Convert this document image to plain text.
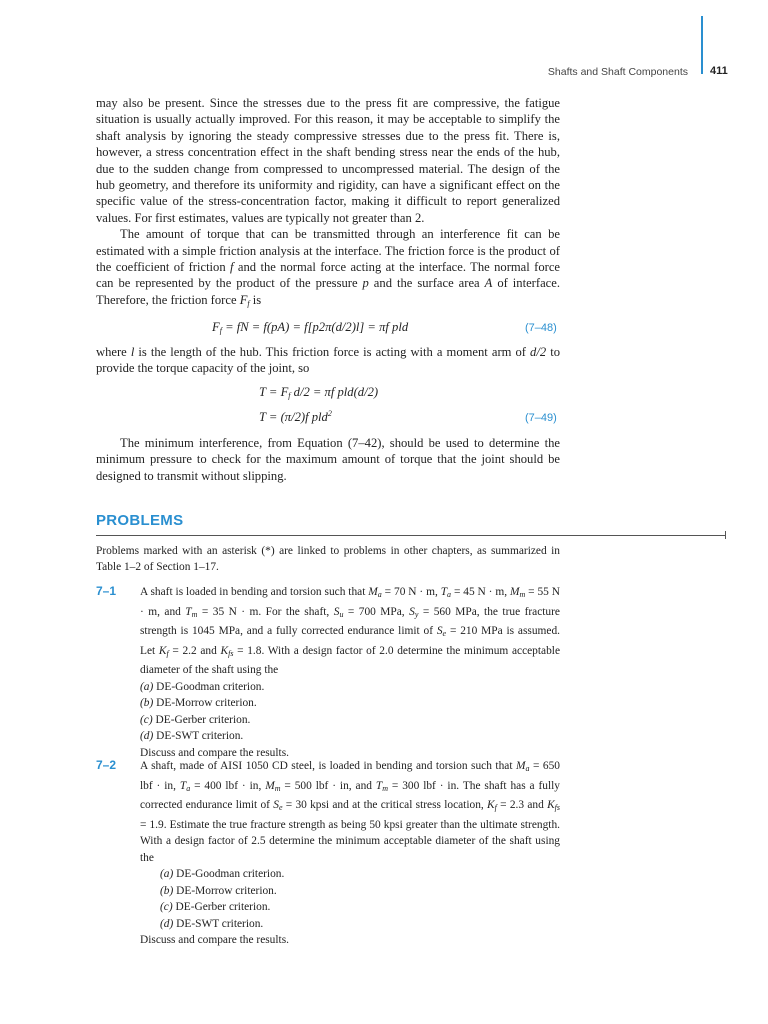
Shafts and Shaft Components 411

may also be present. Since the stresses due to the press fit are compressive, the fatigue situation is usually actually improved. For this reason, it may be acceptable to simplify the shaft analysis by ignoring the steady compressive stresses due to the press fit. There is, however, a stress concentration effect in the shaft bending stress near the ends of the hub, due to the sudden change from compressed to uncompressed material. The design of the hub geometry, and therefore its uniformity and rigidity, can have a significant effect on the specific value of the stress-concentration factor, making it difficult to report generalized values. For first estimates, values are typically not greater than 2.

The amount of torque that can be transmitted through an interference fit can be estimated with a simple friction analysis at the interface. The friction force is the product of the coefficient of friction f and the normal force acting at the interface. The normal force can be represented by the product of the pressure p and the surface area A of interface. Therefore, the friction force $F_f$ is

$F_f$ = fN = f(pA) = f[p2π(d/2)l] = πf pld	(7–48)

where l is the length of the hub. This friction force is acting with a moment arm of d/2 to provide the torque capacity of the joint, so

$T = F_f$ d/2 = πf pld(d/2)
T = (π/2)f pld$^2$	(7–49)

The minimum interference, from Equation (7–42), should be used to determine the minimum pressure to check for the maximum amount of torque that the joint should be designed to transmit without slipping.

PROBLEMS
Problems marked with an asterisk (*) are linked to problems in other chapters, as summarized in Table 1–2 of Section 1–17.
7–1 A shaft is loaded in bending and torsion such that $M_a = 70$ N · m, $T_a = 45$ N · m, $M_m = 55$ N · m, and $T_m = 35$ N · m. For the shaft, $S_u = 700$ MPa, $S_y = 560$ MPa, the true fracture strength is 1045 MPa, and a fully corrected endurance limit of $S_e = 210$ MPa is assumed. Let $K_f = 2.2$ and $K_{fs} = 1.8$. With a design factor of 2.0 determine the minimum acceptable diameter of the shaft using the

(a) DE-Goodman criterion.

(b) DE-Morrow criterion.

(c) DE-Gerber criterion.

(d) DE-SWT criterion.

Discuss and compare the results.

7–2 A shaft, made of AISI 1050 CD steel, is loaded in bending and torsion such that $M_a = 650$ lbf · in, $T_a = 400$ lbf · in, $M_m = 500$ lbf · in, and $T_m = 300$ lbf · in. The shaft has a fully corrected endurance limit of $S_e = 30$ kpsi and at the critical stress location, $K_f = 2.3$ and $K_{fs} = 1.9$. Estimate the true fracture strength as being 50 kpsi greater than the ultimate strength. With a design factor of 2.5 determine the minimum acceptable diameter of the shaft using the

(a) DE-Goodman criterion.

(b) DE-Morrow criterion.

(c) DE-Gerber criterion.

(d) DE-SWT criterion.

Discuss and compare the results.
